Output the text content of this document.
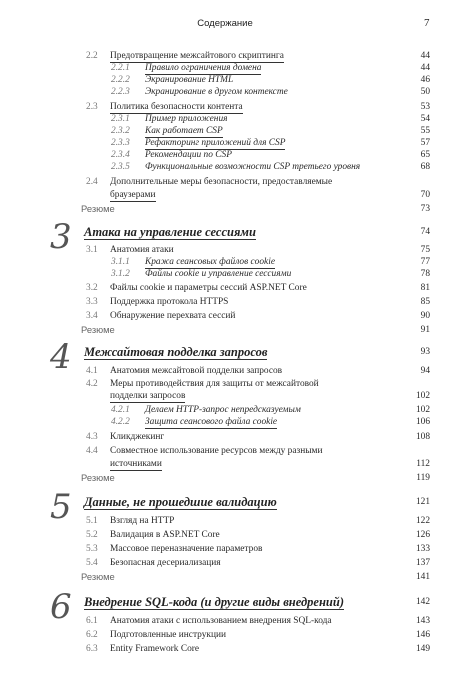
Содержание	7
2.2 Предотвращение межсайтового скриптинга	44
2.2.1 Правило ограничения домена	44
2.2.2 Экранирование HTML	46
2.2.3 Экранирование в другом контексте	50
2.3 Политика безопасности контента	53
2.3.1 Пример приложения	54
2.3.2 Как работает CSP	55
2.3.3 Рефакторинг приложений для CSP	57
2.3.4 Рекомендации по CSP	65
2.3.5 Функциональные возможности CSP третьего уровня	68
2.4 Дополнительные меры безопасности, предоставляемые
браузерами	70
Резюме	73
3 Атака на управление сессиями	74
3.1 Анатомия атаки	75
3.1.1 Кража сеансовых файлов cookie	77
3.1.2 Файлы cookie и управление сессиями	78
3.2 Файлы cookie и параметры сессий ASP.NET Core	81
3.3 Поддержка протокола HTTPS	85
3.4 Обнаружение перехвата сессий	90
Резюме	91
4 Межсайтовая подделка запросов	93
4.1 Анатомия межсайтовой подделки запросов	94
4.2 Меры противодействия для защиты от межсайтовой
подделки запросов	102
4.2.1 Делаем HTTP-запрос непредсказуемым	102
4.2.2 Защита сеансового файла cookie	106
4.3 Кликджекинг	108
4.4 Совместное использование ресурсов между разными
источниками	112
Резюме	119
5 Данные, не прошедшие валидацию	121
5.1 Взгляд на HTTP	122
5.2 Валидация в ASP.NET Core	126
5.3 Массовое переназначение параметров	133
5.4 Безопасная десериализация	137
Резюме	141
6 Внедрение SQL-кода (и другие виды внедрений)	142
6.1 Анатомия атаки с использованием внедрения SQL-кода	143
6.2 Подготовленные инструкции	146
6.3 Entity Framework Core	149
